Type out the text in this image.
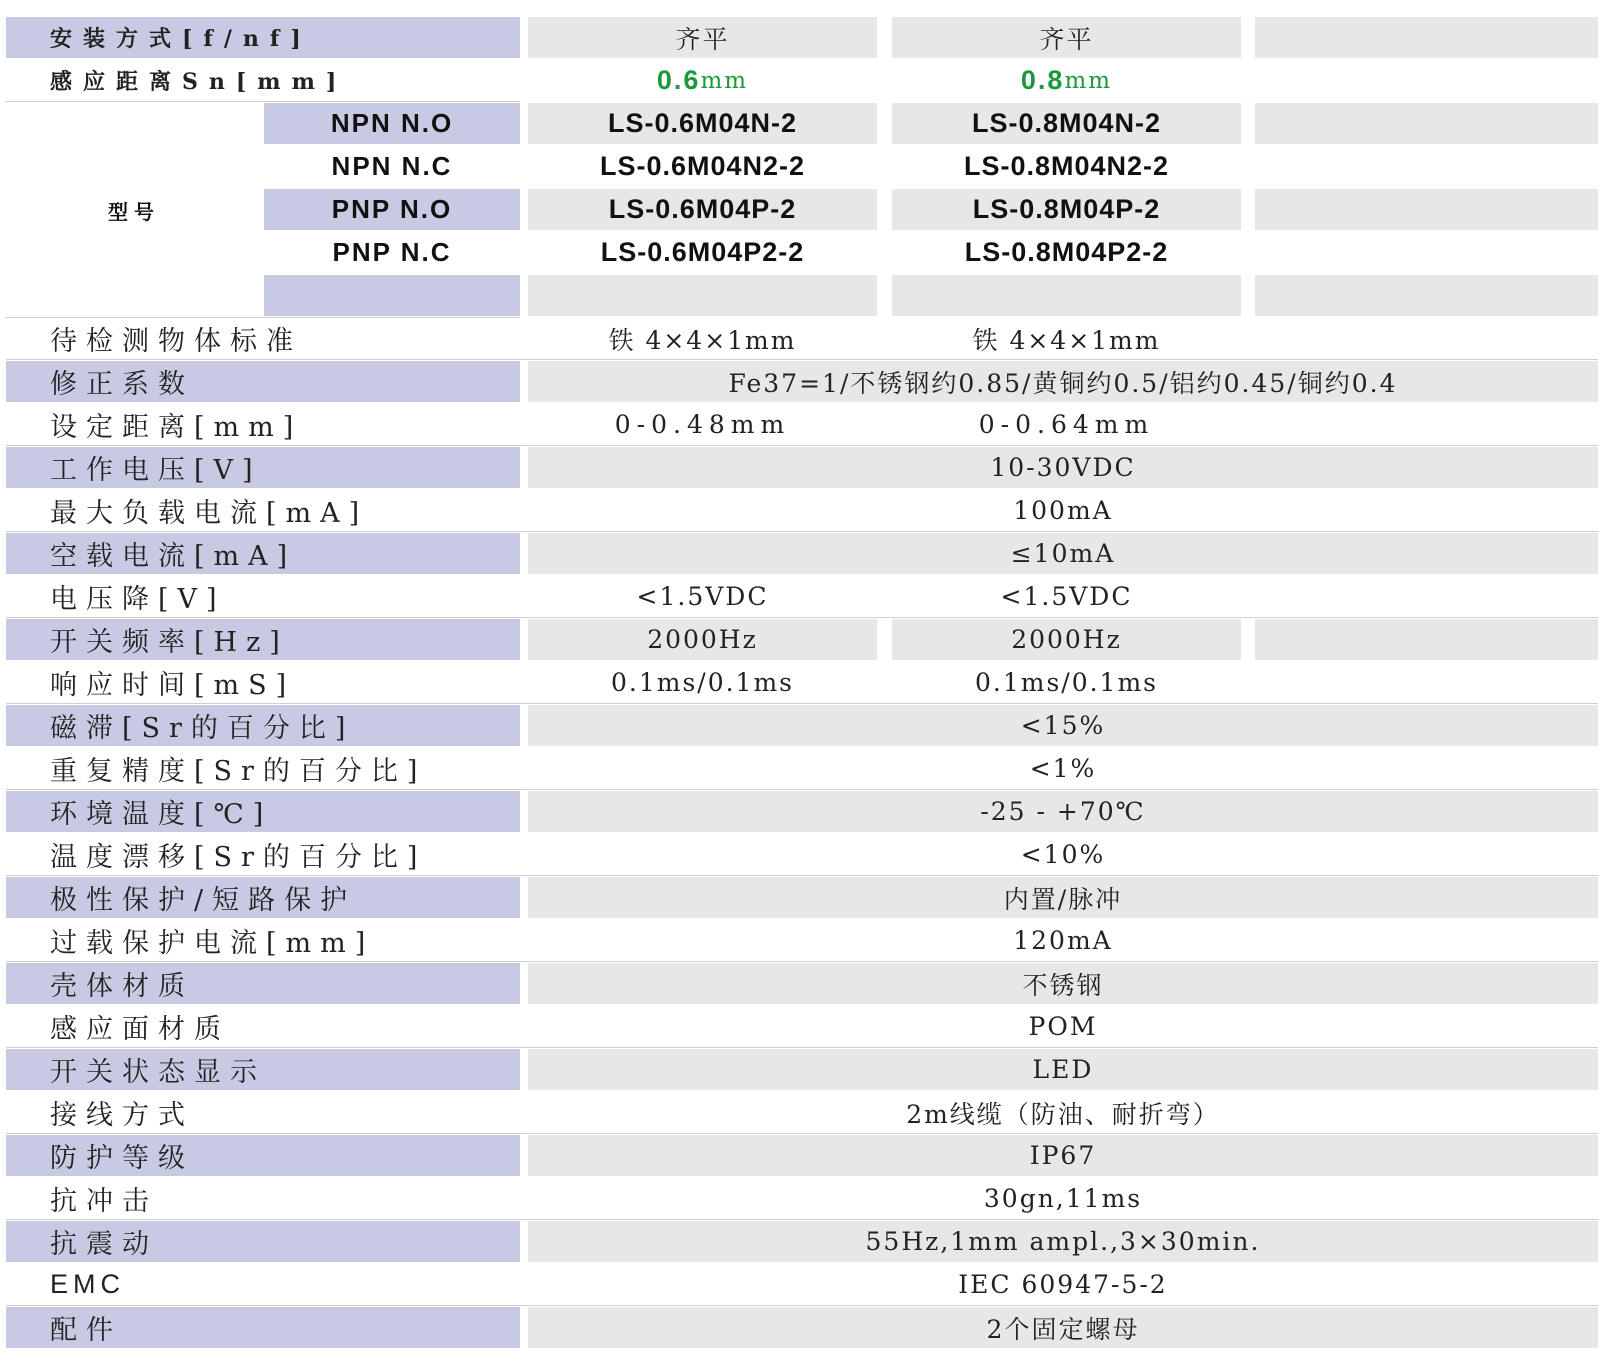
安装方式[f/nf]	齐平	齐平
感应距离Sn[mm]	0.6 mm	0.8 mm
型号
NPN N.O	LS-0.6M04N-2	LS-0.8M04N-2
NPN N.C	LS-0.6M04N2-2	LS-0.8M04N2-2
PNP N.O	LS-0.6M04P-2	LS-0.8M04P-2
PNP N.C	LS-0.6M04P2-2	LS-0.8M04P2-2
待检测物体标准	铁 4×4×1mm	铁 4×4×1mm
修正系数	Fe37=1/不锈钢约0.85/黄铜约0.5/铝约0.45/铜约0.4
设定距离[mm]	0-0.48mm	0-0.64mm
工作电压[V]	10-30VDC
最大负载电流[mA]	100mA
空载电流[mA]	≤10mA
电压降[V]	<1.5VDC	<1.5VDC
开关频率[Hz]	2000Hz	2000Hz
响应时间[mS]	0.1ms/0.1ms	0.1ms/0.1ms
磁滞[Sr的百分比]	<15%
重复精度[Sr的百分比]	<1%
环境温度[℃]	-25 - +70℃
温度漂移[Sr的百分比]	<10%
极性保护/短路保护	内置/脉冲
过载保护电流[mm]	120mA
壳体材质	不锈钢
感应面材质	POM
开关状态显示	LED
接线方式	2m线缆（防油、耐折弯）
防护等级	IP67
抗冲击	30gn,11ms
抗震动	55Hz,1mm ampl.,3×30min.
EMC	IEC 60947-5-2
配件	2个固定螺母
